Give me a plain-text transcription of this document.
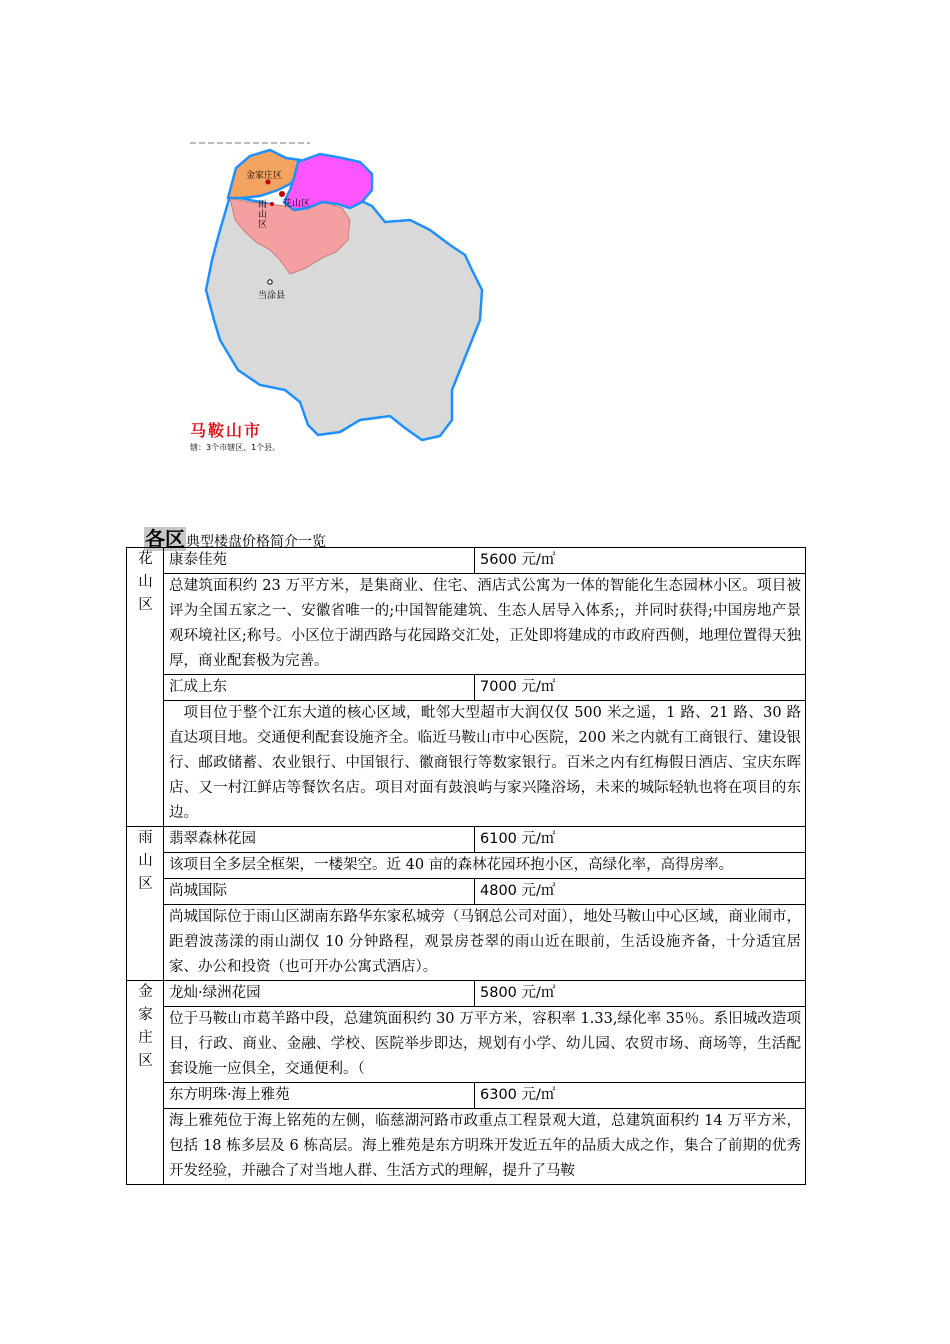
金家庄区
花山区
雨山区
当涂县
马鞍山市
辖：3个市辖区、1个县。
各区典型楼盘价格简介一览
花山区	康泰佳苑	5600 元/㎡
	总建筑面积约 23 万平方米，是集商业、住宅、酒店式公寓为一体的智能化生态园林小区。项目被评为全国五家之一、安徽省唯一的;中国智能建筑、生态人居导入体系;，并同时获得;中国房地产景观环境社区;称号。小区位于湖西路与花园路交汇处，正处即将建成的市政府西侧，地理位置得天独厚，商业配套极为完善。	
	汇成上东	7000 元/㎡
	项目位于整个江东大道的核心区域，毗邻大型超市大润仅仅 500 米之遥，1 路、21 路、30 路直达项目地。交通便利配套设施齐全。临近马鞍山市中心医院，200 米之内就有工商银行、建设银行、邮政储蓄、农业银行、中国银行、徽商银行等数家银行。百米之内有红梅假日酒店、宝庆东晖店、又一村江鲜店等餐饮名店。项目对面有鼓浪屿与家兴隆浴场，未来的城际轻轨也将在项目的东边。	
雨山区	翡翠森林花园	6100 元/㎡
	该项目全多层全框架，一楼架空。近 40 亩的森林花园环抱小区，高绿化率，高得房率。	
	尚城国际	4800 元/㎡
	尚城国际位于雨山区湖南东路华东家私城旁（马钢总公司对面），地处马鞍山中心区域，商业闹市，距碧波荡漾的雨山湖仅 10 分钟路程，观景房苍翠的雨山近在眼前，生活设施齐备，十分适宜居家、办公和投资（也可开办公寓式酒店）。	
金家庄区	龙灿·绿洲花园	5800 元/㎡
	位于马鞍山市葛羊路中段，总建筑面积约 30 万平方米，容积率 1.33,绿化率 35％。系旧城改造项目，行政、商业、金融、学校、医院举步即达，规划有小学、幼儿园、农贸市场、商场等，生活配套设施一应俱全，交通便利。（	
	东方明珠·海上雅苑	6300 元/㎡
	海上雅苑位于海上铭苑的左侧，临慈湖河路市政重点工程景观大道，总建筑面积约 14 万平方米，包括 18 栋多层及 6 栋高层。海上雅苑是东方明珠开发近五年的品质大成之作，集合了前期的优秀开发经验，并融合了对当地人群、生活方式的理解，提升了马鞍	
